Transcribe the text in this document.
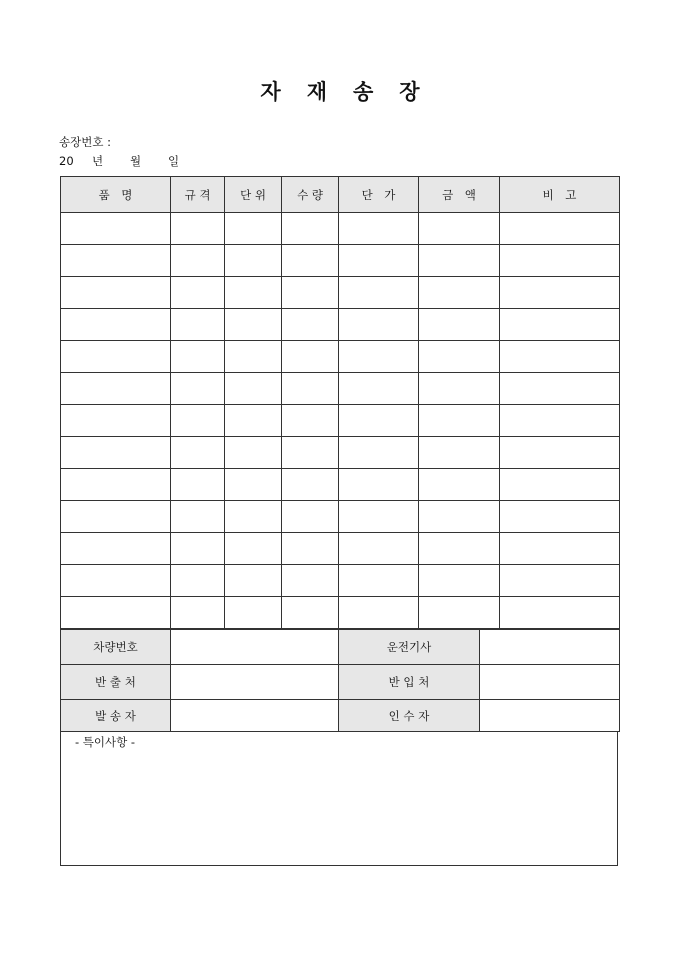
자 재 송 장
송장번호 :
20 년 월 일
품　명	규 격	단 위	수 량	단　가	금　액	비　고

차량번호		운전기사	
반 출 처		반 입 처	
발 송 자		인 수 자	
- 특이사항 -
